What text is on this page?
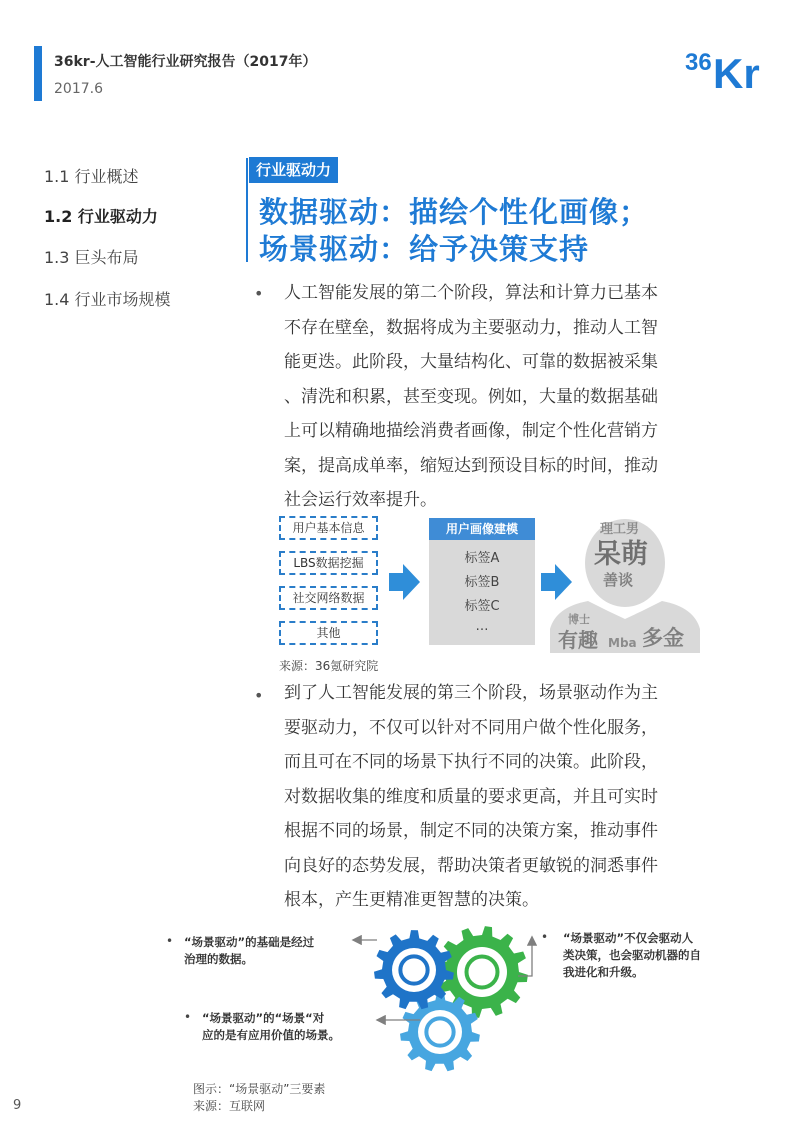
36kr-人工智能行业研究报告（2017年）
2017.6
36 Kr
1.1 行业概述
1.2 行业驱动力
1.3 巨头布局
1.4 行业市场规模
行业驱动力
数据驱动：描绘个性化画像；
场景驱动：给予决策支持
• 人工智能发展的第二个阶段，算法和计算力已基本
不存在壁垒，数据将成为主要驱动力，推动人工智
能更迭。此阶段，大量结构化、可靠的数据被采集
、清洗和积累，甚至变现。例如，大量的数据基础
上可以精确地描绘消费者画像，制定个性化营销方
案，提高成单率，缩短达到预设目标的时间，推动
社会运行效率提升。
用户基本信息
LBS数据挖掘
社交网络数据
其他
用户画像建模
标签A
标签B
标签C
…
理工男
呆萌
善谈
博士
有趣 Mba 多金
来源：36氪研究院
• 到了人工智能发展的第三个阶段，场景驱动作为主
要驱动力，不仅可以针对不同用户做个性化服务，
而且可在不同的场景下执行不同的决策。此阶段，
对数据收集的维度和质量的要求更高，并且可实时
根据不同的场景，制定不同的决策方案，推动事件
向良好的态势发展，帮助决策者更敏锐的洞悉事件
根本，产生更精准更智慧的决策。
• “场景驱动”的基础是经过
治理的数据。
• “场景驱动”的“场景“对
应的是有应用价值的场景。
• “场景驱动”不仅会驱动人
类决策，也会驱动机器的自
我进化和升级。
图示：“场景驱动”三要素
来源：互联网
9
